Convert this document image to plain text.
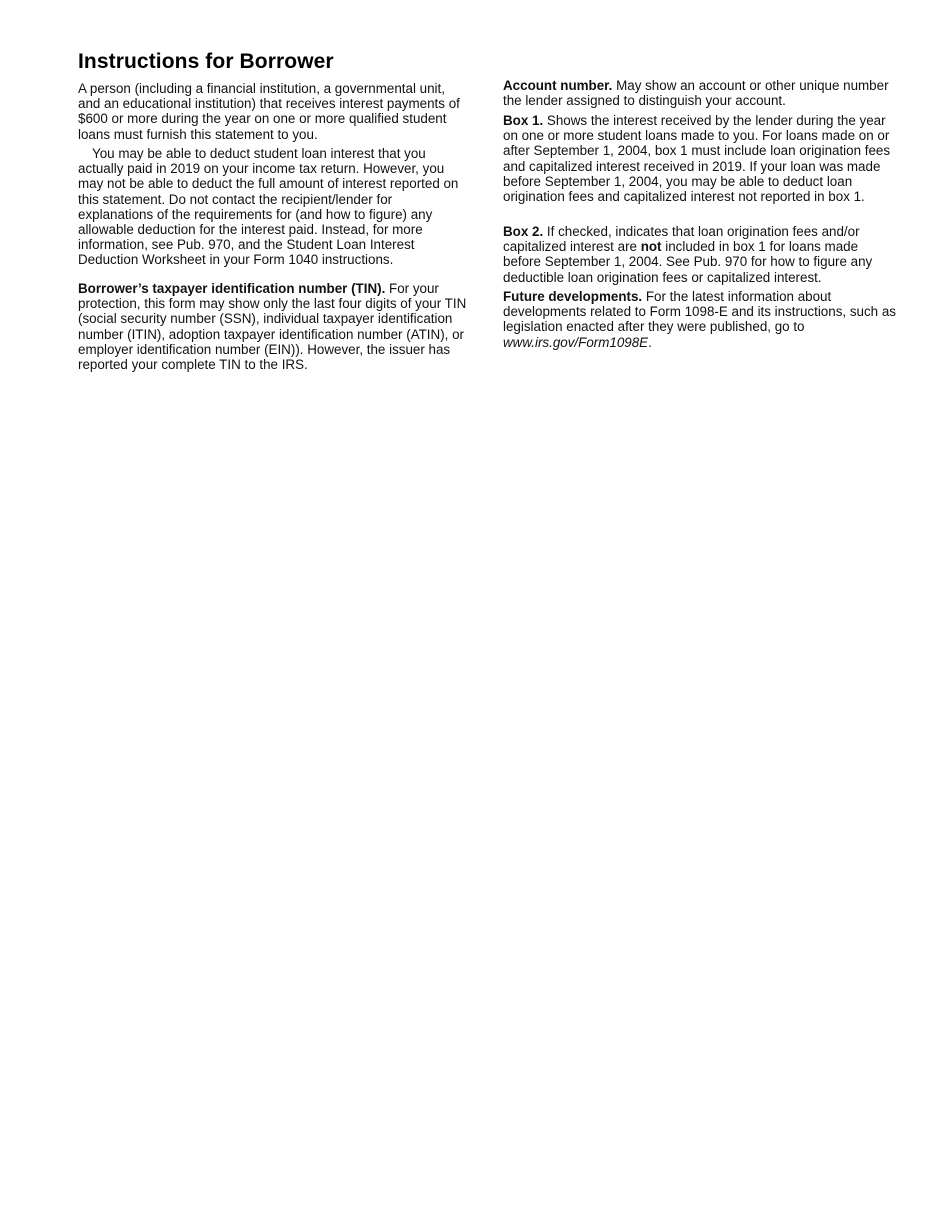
Instructions for Borrower

A person (including a financial institution, a governmental unit, and an educational institution) that receives interest payments of $600 or more during the year on one or more qualified student loans must furnish this statement to you.

You may be able to deduct student loan interest that you actually paid in 2019 on your income tax return. However, you may not be able to deduct the full amount of interest reported on this statement. Do not contact the recipient/lender for explanations of the requirements for (and how to figure) any allowable deduction for the interest paid. Instead, for more information, see Pub. 970, and the Student Loan Interest Deduction Worksheet in your Form 1040 instructions.

Borrower’s taxpayer identification number (TIN). For your protection, this form may show only the last four digits of your TIN (social security number (SSN), individual taxpayer identification number (ITIN), adoption taxpayer identification number (ATIN), or employer identification number (EIN)). However, the issuer has reported your complete TIN to the IRS.

Account number. May show an account or other unique number the lender assigned to distinguish your account.

Box 1. Shows the interest received by the lender during the year on one or more student loans made to you. For loans made on or after September 1, 2004, box 1 must include loan origination fees and capitalized interest received in 2019. If your loan was made before September 1, 2004, you may be able to deduct loan origination fees and capitalized interest not reported in box 1.

Box 2. If checked, indicates that loan origination fees and/or capitalized interest are not included in box 1 for loans made before September 1, 2004. See Pub. 970 for how to figure any deductible loan origination fees or capitalized interest.

Future developments. For the latest information about developments related to Form 1098-E and its instructions, such as legislation enacted after they were published, go to www.irs.gov/Form1098E.
